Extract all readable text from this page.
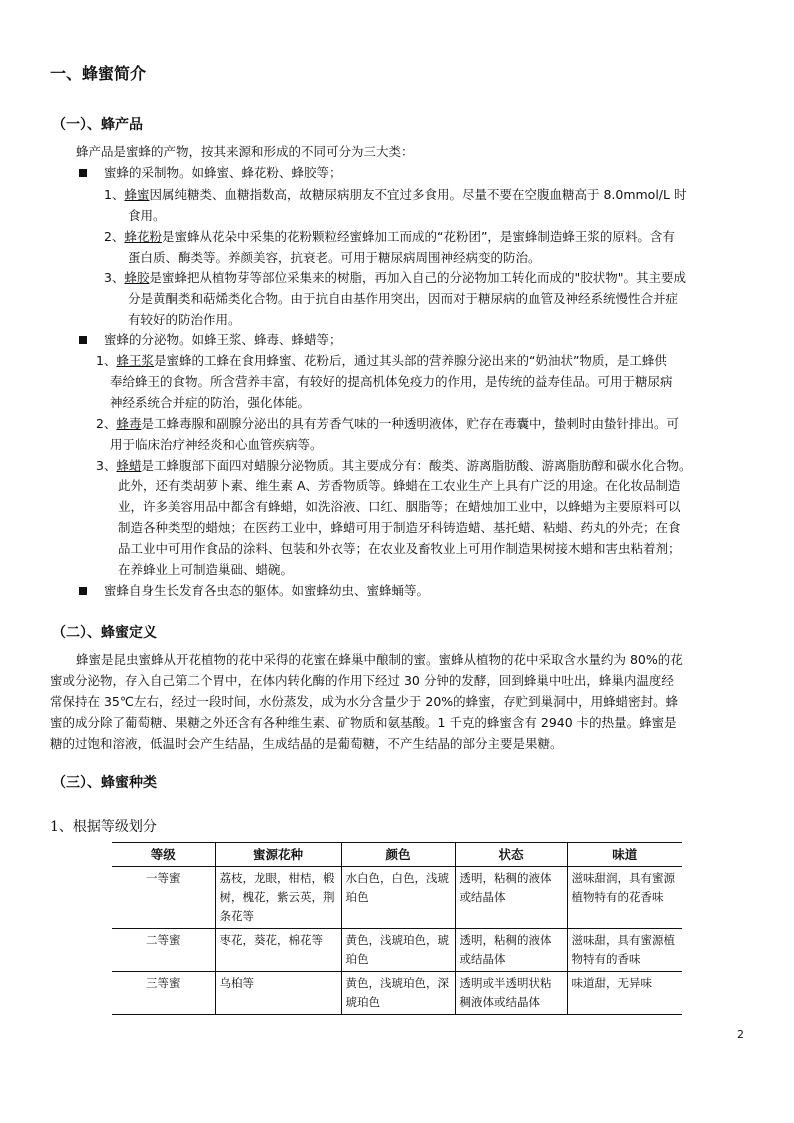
一、蜂蜜简介
（一）、蜂产品
蜂产品是蜜蜂的产物，按其来源和形成的不同可分为三大类：
蜜蜂的采制物。如蜂蜜、蜂花粉、蜂胶等；
1、蜂蜜因属纯糖类、血糖指数高，故糖尿病朋友不宜过多食用。尽量不要在空腹血糖高于 8.0mmol/L 时
食用。
2、蜂花粉是蜜蜂从花朵中采集的花粉颗粒经蜜蜂加工而成的“花粉团”，是蜜蜂制造蜂王浆的原料。含有
蛋白质、酶类等。养颜美容，抗衰老。可用于糖尿病周围神经病变的防治。
3、蜂胶是蜜蜂把从植物芽等部位采集来的树脂，再加入自己的分泌物加工转化而成的"胶状物"。其主要成
分是黄酮类和萜烯类化合物。由于抗自由基作用突出，因而对于糖尿病的血管及神经系统慢性合并症
有较好的防治作用。
蜜蜂的分泌物。如蜂王浆、蜂毒、蜂蜡等；
1、蜂王浆是蜜蜂的工蜂在食用蜂蜜、花粉后，通过其头部的营养腺分泌出来的“奶油状”物质，是工蜂供
奉给蜂王的食物。所含营养丰富，有较好的提高机体免疫力的作用，是传统的益寿佳品。可用于糖尿病
神经系统合并症的防治，强化体能。
2、蜂毒是工蜂毒腺和副腺分泌出的具有芳香气味的一种透明液体，贮存在毒囊中，蛰刺时由蛰针排出。可
用于临床治疗神经炎和心血管疾病等。
3、蜂蜡是工蜂腹部下面四对蜡腺分泌物质。其主要成分有：酸类、游离脂肪酸、游离脂肪醇和碳水化合物。
此外，还有类胡萝卜素、维生素 A、芳香物质等。蜂蜡在工农业生产上具有广泛的用途。在化妆品制造
业，许多美容用品中都含有蜂蜡，如洗浴液、口红、胭脂等；在蜡烛加工业中，以蜂蜡为主要原料可以
制造各种类型的蜡烛；在医药工业中，蜂蜡可用于制造牙科铸造蜡、基托蜡、粘蜡、药丸的外壳；在食
品工业中可用作食品的涂料、包装和外衣等；在农业及畜牧业上可用作制造果树接木蜡和害虫粘着剂；
在养蜂业上可制造巢础、蜡碗。
蜜蜂自身生长发育各虫态的躯体。如蜜蜂幼虫、蜜蜂蛹等。
（二）、蜂蜜定义
蜂蜜是昆虫蜜蜂从开花植物的花中采得的花蜜在蜂巢中酿制的蜜。蜜蜂从植物的花中采取含水量约为 80%的花
蜜或分泌物，存入自己第二个胃中，在体内转化酶的作用下经过 30 分钟的发酵，回到蜂巢中吐出，蜂巢内温度经
常保持在 35℃左右，经过一段时间，水份蒸发，成为水分含量少于 20%的蜂蜜，存贮到巢洞中，用蜂蜡密封。蜂
蜜的成分除了葡萄糖、果糖之外还含有各种维生素、矿物质和氨基酸。1 千克的蜂蜜含有 2940 卡的热量。蜂蜜是
糖的过饱和溶液，低温时会产生结晶，生成结晶的是葡萄糖，不产生结晶的部分主要是果糖。
（三）、蜂蜜种类
1、根据等级划分
等级	蜜源花种	颜色	状态	味道
一等蜜	荔枝，龙眼，柑桔，椴树，槐花，紫云英，荆条花等	水白色，白色，浅琥珀色	透明，粘稠的液体或结晶体	滋味甜润，具有蜜源植物特有的花香味
二等蜜	枣花，葵花，棉花等	黄色，浅琥珀色，琥珀色	透明，粘稠的液体或结晶体	滋味甜，具有蜜源植物特有的香味
三等蜜	乌桕等	黄色，浅琥珀色，深琥珀色	透明或半透明状粘稠液体或结晶体	味道甜，无异味
2
